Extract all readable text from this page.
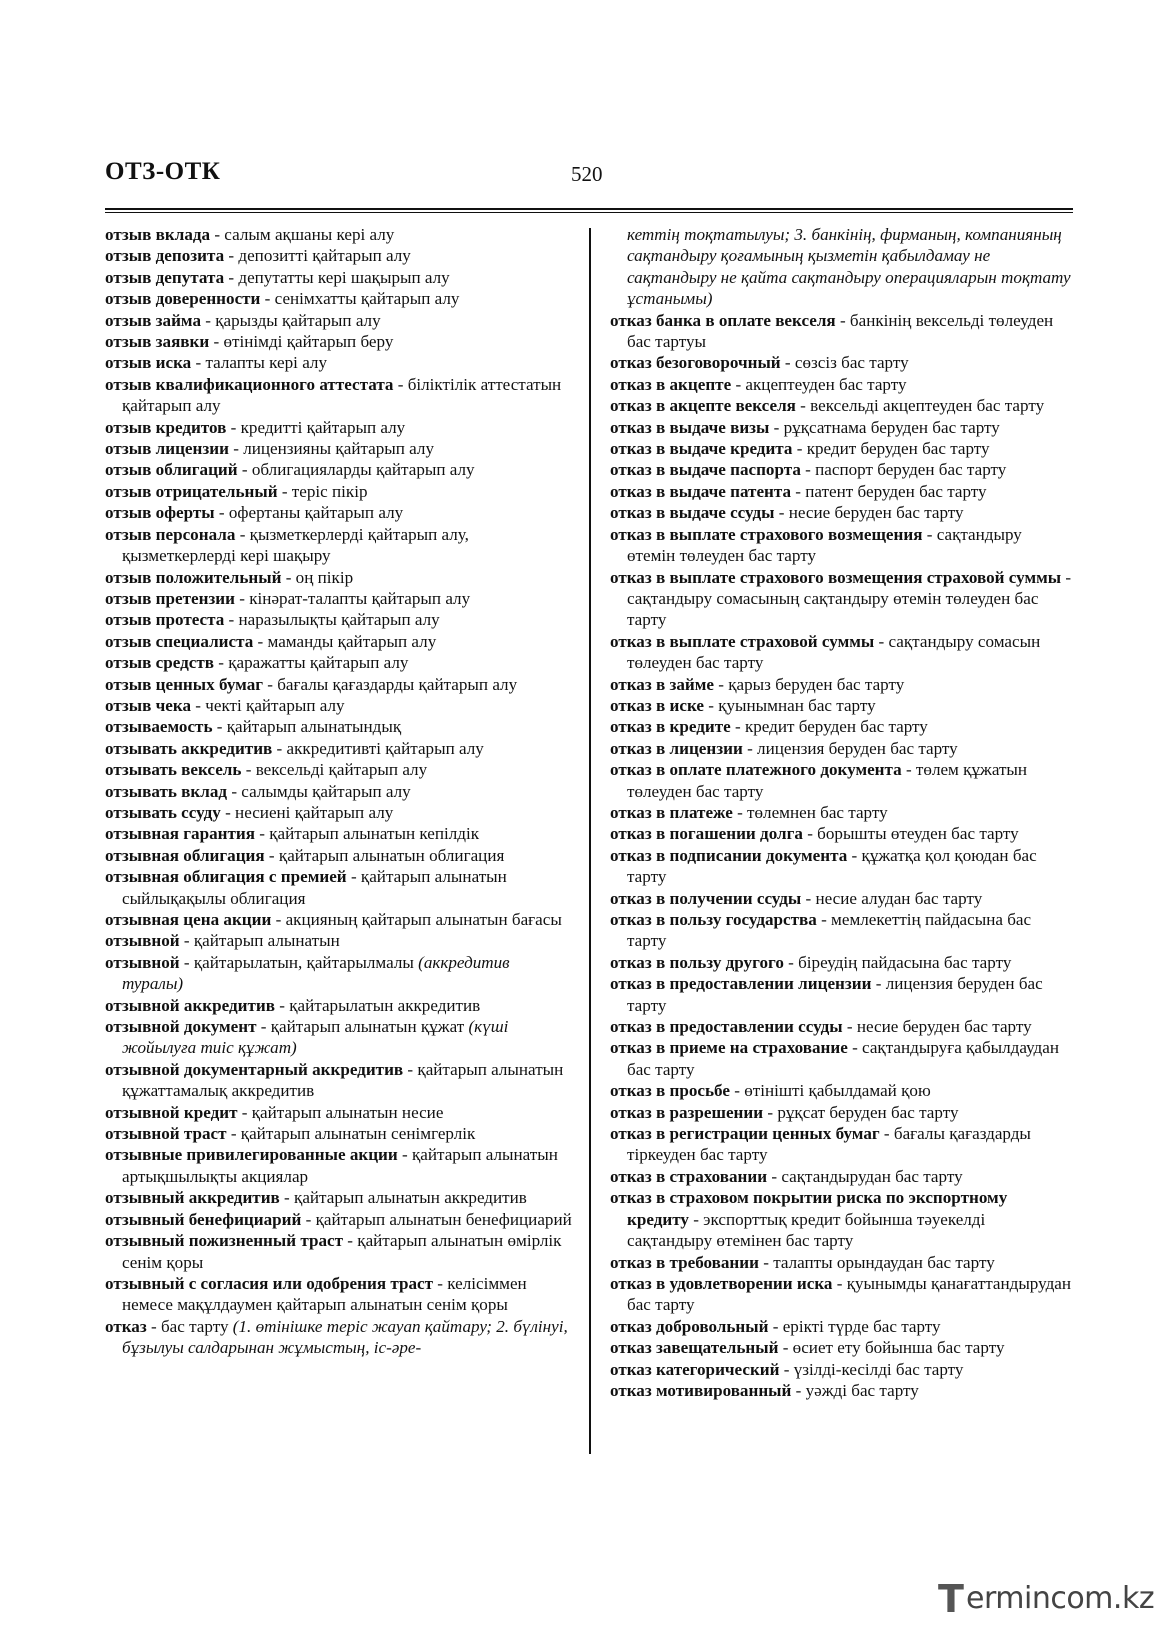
ОТЗ-ОТК	520

отзыв вклада - салым ақшаны кері алу

отзыв депозита - депозитті қайтарып алу

отзыв депутата - депутатты кері шақырып алу

отзыв доверенности - сенімхатты қайтарып алу

отзыв займа - қарызды қайтарып алу

отзыв заявки - өтінімді қайтарып беру

отзыв иска - талапты кері алу

отзыв квалификационного аттестата - біліктілік аттестатын қайтарып алу

отзыв кредитов - кредитті қайтарып алу

отзыв лицензии - лицензияны қайтарып алу

отзыв облигаций - облигацияларды қайтарып алу

отзыв отрицательный - теріс пікір

отзыв оферты - офертаны қайтарып алу

отзыв персонала - қызметкерлерді қайтарып алу, қызметкерлерді кері шақыру

отзыв положительный - оң пікір

отзыв претензии - кінәрат-талапты қайтарып алу

отзыв протеста - наразылықты қайтарып алу

отзыв специалиста - маманды қайтарып алу

отзыв средств - қаражатты қайтарып алу

отзыв ценных бумаг - бағалы қағаздарды қайтарып алу

отзыв чека - чекті қайтарып алу

отзываемость - қайтарып алынатындық

отзывать аккредитив - аккредитивті қайтарып алу

отзывать вексель - вексельді қайтарып алу

отзывать вклад - салымды қайтарып алу

отзывать ссуду - несиені қайтарып алу

отзывная гарантия - қайтарып алынатын кепілдік

отзывная облигация - қайтарып алынатын облигация

отзывная облигация с премией - қайтарып алынатын сыйлықақылы облигация

отзывная цена акции - акцияның қайтарып алынатын бағасы

отзывной - қайтарып алынатын

отзывной - қайтарылатын, қайтарылмалы (аккредитив туралы)

отзывной аккредитив - қайтарылатын аккредитив

отзывной документ - қайтарып алынатын құжат (күші жойылуға тиіс құжат)

отзывной документарный аккредитив - қайтарып алынатын құжаттамалық аккредитив

отзывной кредит - қайтарып алынатын несие

отзывной траст - қайтарып алынатын сенімгерлік

отзывные привилегированные акции - қайтарып алынатын артықшылықты акциялар

отзывный аккредитив - қайтарып алынатын аккредитив

отзывный бенефициарий - қайтарып алынатын бенефициарий

отзывный пожизненный траст - қайтарып алынатын өмірлік сенім қоры

отзывный с согласия или одобрения траст - келісіммен немесе мақұлдаумен қайтарып алынатын сенім қоры

отказ - бас тарту (1. өтінішке теріс жауап қайтару; 2. бүлінуі, бұзылуы салдарынан жұмыстың, іс-әре-

кеттің тоқтатылуы; 3. банкінің, фирманың, компанияның сақтандыру қоғамының қызметін қабылдамау не сақтандыру не қайта сақтандыру операцияларын тоқтату ұстанымы)

отказ банка в оплате векселя - банкінің вексельді төлеуден бас тартуы

отказ безоговорочный - сөзсіз бас тарту

отказ в акцепте - акцептеуден бас тарту

отказ в акцепте векселя - вексельді акцептеуден бас тарту

отказ в выдаче визы - рұқсатнама беруден бас тарту

отказ в выдаче кредита - кредит беруден бас тарту

отказ в выдаче паспорта - паспорт беруден бас тарту

отказ в выдаче патента - патент беруден бас тарту

отказ в выдаче ссуды - несие беруден бас тарту

отказ в выплате страхового возмещения - сақтандыру өтемін төлеуден бас тарту

отказ в выплате страхового возмещения страховой суммы - сақтандыру сомасының сақтандыру өтемін төлеуден бас тарту

отказ в выплате страховой суммы - сақтандыру сомасын төлеуден бас тарту

отказ в займе - қарыз беруден бас тарту

отказ в иске - қуынымнан бас тарту

отказ в кредите - кредит беруден бас тарту

отказ в лицензии - лицензия беруден бас тарту

отказ в оплате платежного документа - төлем құжатын төлеуден бас тарту

отказ в платеже - төлемнен бас тарту

отказ в погашении долга - борышты өтеуден бас тарту

отказ в подписании документа - құжатқа қол қоюдан бас тарту

отказ в получении ссуды - несие алудан бас тарту

отказ в пользу государства - мемлекеттің пайдасына бас тарту

отказ в пользу другого - біреудің пайдасына бас тарту

отказ в предоставлении лицензии - лицензия беруден бас тарту

отказ в предоставлении ссуды - несие беруден бас тарту

отказ в приеме на страхование - сақтандыруға қабылдаудан бас тарту

отказ в просьбе - өтінішті қабылдамай қою

отказ в разрешении - рұқсат беруден бас тарту

отказ в регистрации ценных бумаг - бағалы қағаздарды тіркеуден бас тарту

отказ в страховании - сақтандырудан бас тарту

отказ в страховом покрытии риска по экспортному кредиту - экспорттық кредит бойынша тәуекелді сақтандыру өтемінен бас тарту

отказ в требовании - талапты орындаудан бас тарту

отказ в удовлетворении иска - қуынымды қанағаттандырудан бас тарту

отказ добровольный - ерікті түрде бас тарту

отказ завещательный - өсиет ету бойынша бас тарту

отказ категорический - үзілді-кесілді бас тарту

отказ мотивированный - уәжді бас тарту

T ermincom.kz
